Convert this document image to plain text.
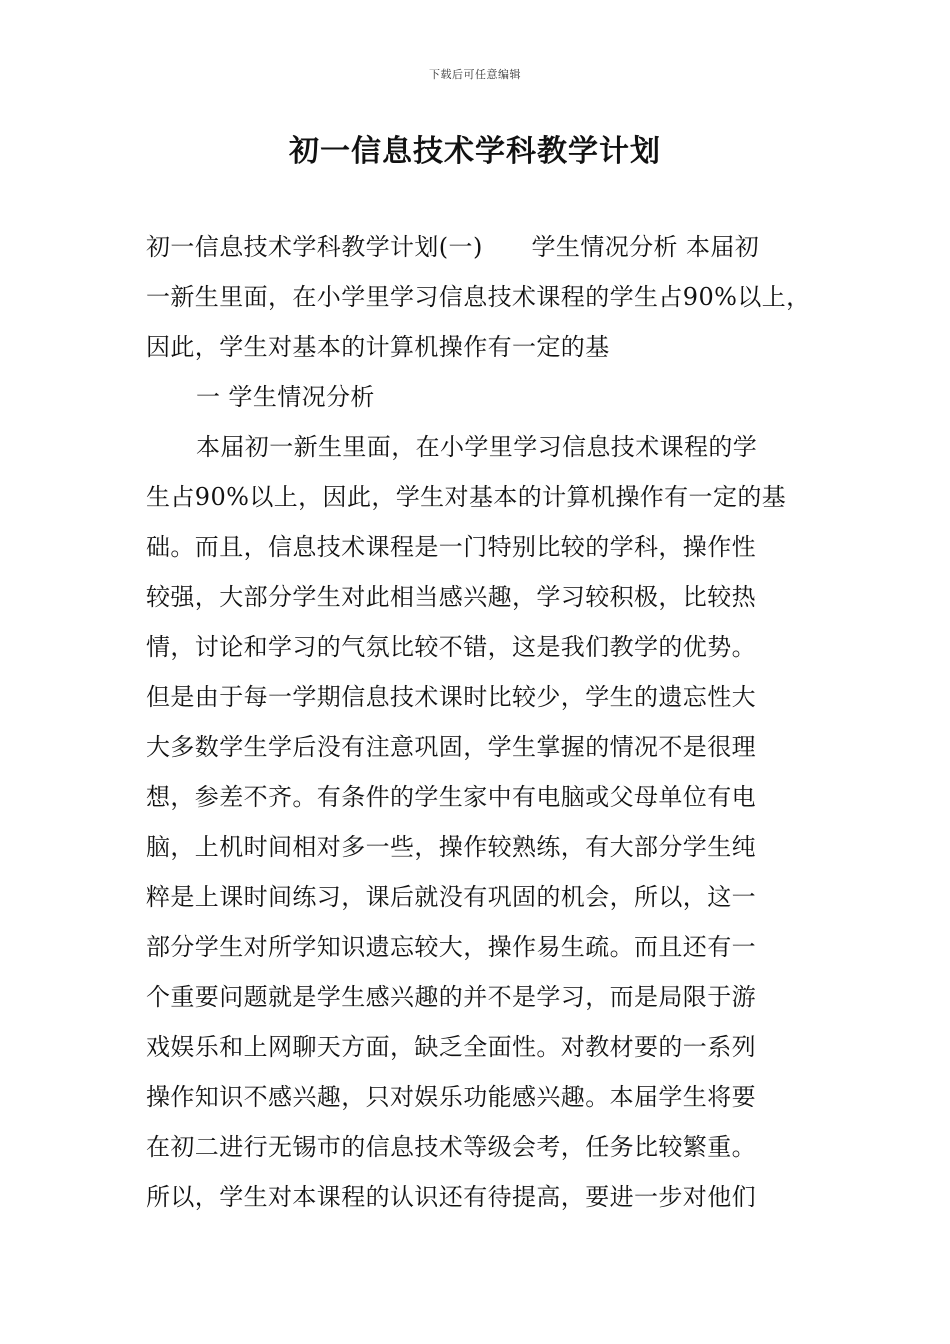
下载后可任意编辑
初一信息技术学科教学计划
初一信息技术学科教学计划(一)　　学生情况分析 本届初
一新生里面，在小学里学习信息技术课程的学生占90%以上，
因此，学生对基本的计算机操作有一定的基
一 学生情况分析
本届初一新生里面，在小学里学习信息技术课程的学
生占90%以上，因此，学生对基本的计算机操作有一定的基
础。而且，信息技术课程是一门特别比较的学科，操作性
较强，大部分学生对此相当感兴趣，学习较积极，比较热
情，讨论和学习的气氛比较不错，这是我们教学的优势。
但是由于每一学期信息技术课时比较少，学生的遗忘性大
大多数学生学后没有注意巩固，学生掌握的情况不是很理
想，参差不齐。有条件的学生家中有电脑或父母单位有电
脑，上机时间相对多一些，操作较熟练，有大部分学生纯
粹是上课时间练习，课后就没有巩固的机会，所以，这一
部分学生对所学知识遗忘较大，操作易生疏。而且还有一
个重要问题就是学生感兴趣的并不是学习，而是局限于游
戏娱乐和上网聊天方面，缺乏全面性。对教材要的一系列
操作知识不感兴趣，只对娱乐功能感兴趣。本届学生将要
在初二进行无锡市的信息技术等级会考，任务比较繁重。
所以，学生对本课程的认识还有待提高，要进一步对他们
